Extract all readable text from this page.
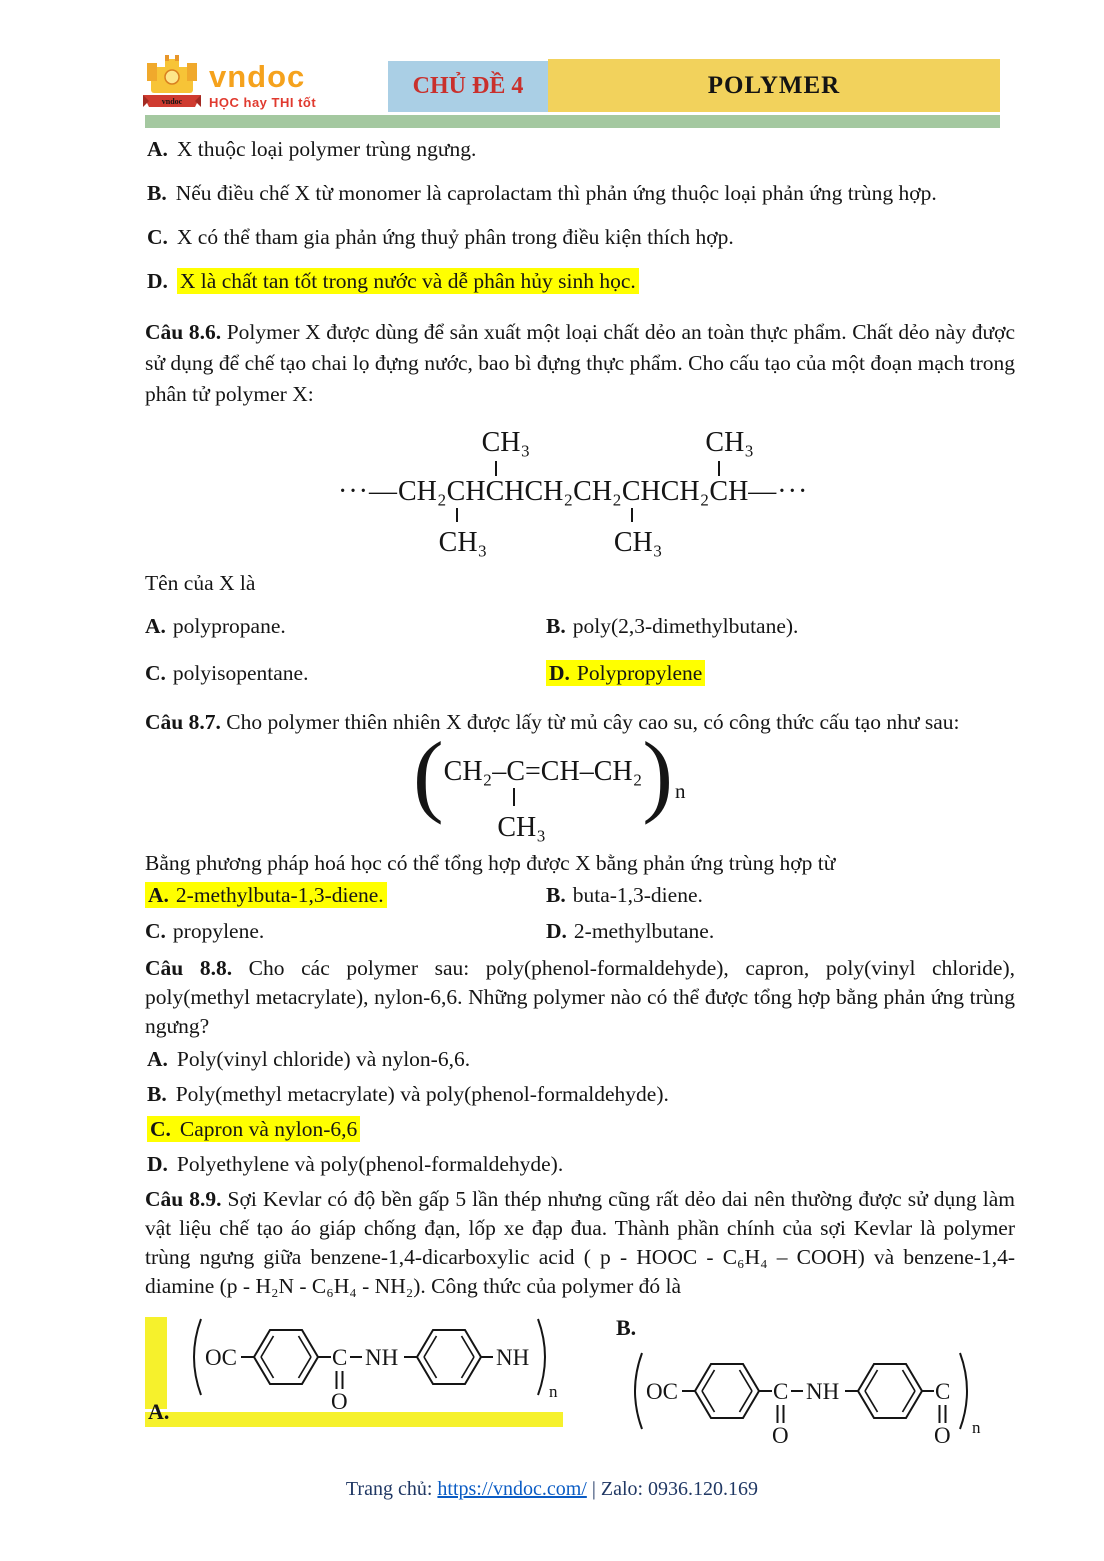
vndoc
vndoc
HỌC hay THI tốt
CHỦ ĐỀ 4	POLYMER

A. X thuộc loại polymer trùng ngưng.

B. Nếu điều chế X từ monomer là caprolactam thì phản ứng thuộc loại phản ứng trùng hợp.

C. X có thể tham gia phản ứng thuỷ phân trong điều kiện thích hợp.

D. X là chất tan tốt trong nước và dễ phân hủy sinh học.

Câu 8.6. Polymer X được dùng để sản xuất một loại chất dẻo an toàn thực phẩm. Chất dẻo này được sử dụng để chế tạo chai lọ đựng nước, bao bì đựng thực phẩm. Cho cấu tạo của một đoạn mạch trong phân tử polymer X:

···—CH₂CH
CH₃
CH
CH₃
CH₂CH₂CH
CH₃
CH₂CH
CH₃
—···

Tên của X là

A. polypropane.	B. poly(2,3-dimethylbutane).
C. polyisopentane.	D. Polypropylene

Câu 8.7. Cho polymer thiên nhiên X được lấy từ mủ cây cao su, có công thức cấu tạo như sau:

( CH₂– C
CH₃
=CH–CH₂ ) n

Bằng phương pháp hoá học có thể tổng hợp được X bằng phản ứng trùng hợp từ

A. 2-methylbuta-1,3-diene.	B. buta-1,3-diene.
C. propylene.	D. 2-methylbutane.

Câu 8.8. Cho các polymer sau: poly(phenol-formaldehyde), capron, poly(vinyl chloride), poly(methyl metacrylate), nylon-6,6. Những polymer nào có thể được tổng hợp bằng phản ứng trùng ngưng?

A. Poly(vinyl chloride) và nylon-6,6.

B. Poly(methyl metacrylate) và poly(phenol-formaldehyde).

C. Capron và nylon-6,6

D. Polyethylene và poly(phenol-formaldehyde).

Câu 8.9. Sợi Kevlar có độ bền gấp 5 lần thép nhưng cũng rất dẻo dai nên thường được sử dụng làm vật liệu chế tạo áo giáp chống đạn, lốp xe đạp đua. Thành phần chính của sợi Kevlar là polymer trùng ngưng giữa benzene-1,4-dicarboxylic acid ( p - HOOC - C₆H₄ – COOH) và benzene-1,4- diamine (p - H₂N - C₆H₄ - NH₂). Công thức của polymer đó là

A.
OC	C
O
NH	NH
n
B.
OC	C
O
NH	C
O n
Trang chủ: https://vndoc.com/ | Zalo: 0936.120.169
